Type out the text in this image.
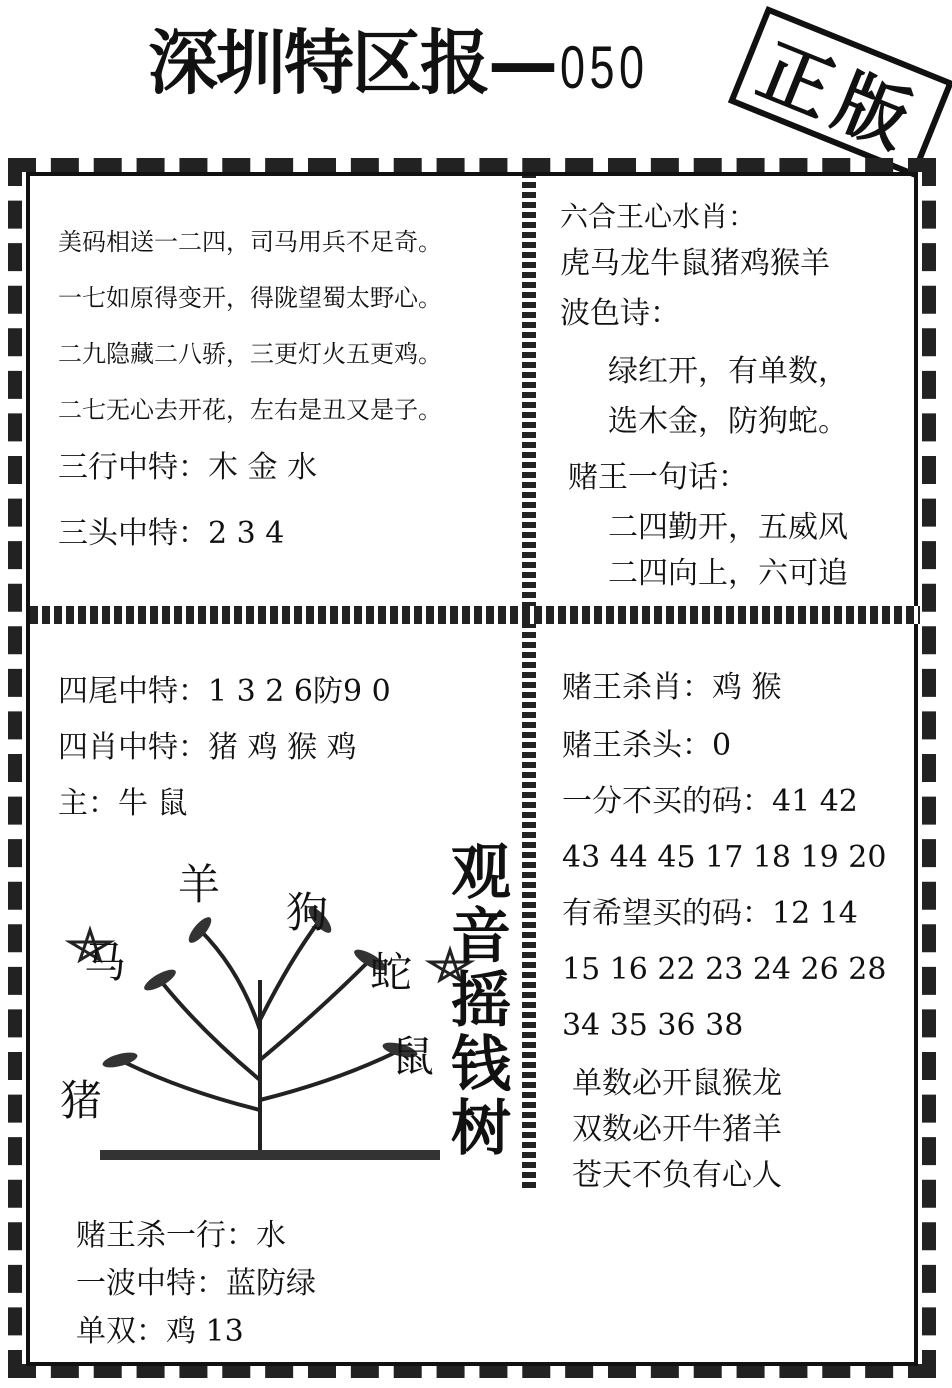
深圳特区报— 050 正版
美码相送一二四，司马用兵不足奇。
一七如原得变开，得陇望蜀太野心。
二九隐藏二八骄，三更灯火五更鸡。
二七无心去开花，左右是丑又是子。
三行中特：木 金 水
三头中特：2 3 4
六合王心水肖：
虎马龙牛鼠猪鸡猴羊
波色诗：
绿红开，有单数，
选木金，防狗蛇。
赌王一句话：
二四勤开，五威风
二四向上，六可追
四尾中特：1 3 2 6防9 0
四肖中特：猪 鸡 猴 鸡
主：牛 鼠
羊
狗
马	蛇
鼠
猪	观音摇钱树
赌王杀一行：水
一波中特：蓝防绿
单双：鸡 13
赌王杀肖：鸡 猴
赌王杀头：0
一分不买的码：41 42
43 44 45 17 18 19 20
有希望买的码：12 14
15 16 22 23 24 26 28
34 35 36 38
单数必开鼠猴龙
双数必开牛猪羊
苍天不负有心人
